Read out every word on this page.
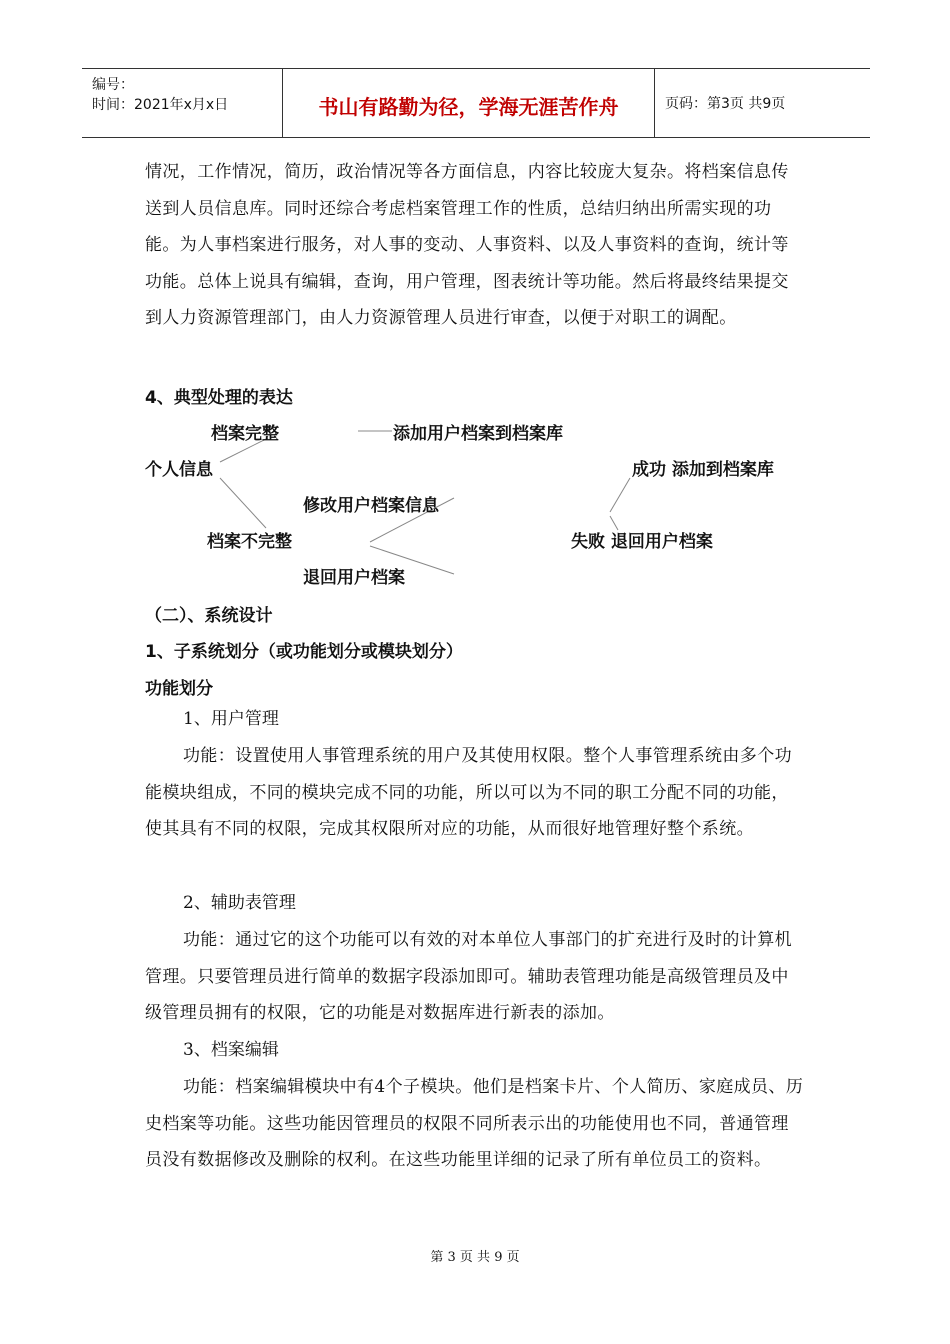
编号：
时间：2021年x月x日	书山有路勤为径，学海无涯苦作舟	页码：第3页 共9页
情况，工作情况，简历，政治情况等各方面信息，内容比较庞大复杂。将档案信息传送到人员信息库。同时还综合考虑档案管理工作的性质，总结归纳出所需实现的功能。为人事档案进行服务，对人事的变动、人事资料、以及人事资料的查询，统计等功能。总体上说具有编辑，查询，用户管理，图表统计等功能。然后将最终结果提交到人力资源管理部门，由人力资源管理人员进行审查，以便于对职工的调配。
4、典型处理的表达
档案完整	添加用户档案到档案库
个人信息	成功 添加到档案库
修改用户档案信息
档案不完整	失败 退回用户档案
退回用户档案
（二）、系统设计
1、子系统划分（或功能划分或模块划分）
功能划分
1、用户管理
功能：设置使用人事管理系统的用户及其使用权限。整个人事管理系统由多个功能模块组成，不同的模块完成不同的功能，所以可以为不同的职工分配不同的功能，使其具有不同的权限，完成其权限所对应的功能，从而很好地管理好整个系统。
2、辅助表管理
功能：通过它的这个功能可以有效的对本单位人事部门的扩充进行及时的计算机管理。只要管理员进行简单的数据字段添加即可。辅助表管理功能是高级管理员及中级管理员拥有的权限，它的功能是对数据库进行新表的添加。
3、档案编辑
功能：档案编辑模块中有4个子模块。他们是档案卡片、个人简历、家庭成员、历史档案等功能。这些功能因管理员的权限不同所表示出的功能使用也不同，普通管理员没有数据修改及删除的权利。在这些功能里详细的记录了所有单位员工的资料。
第 3 页 共 9 页
